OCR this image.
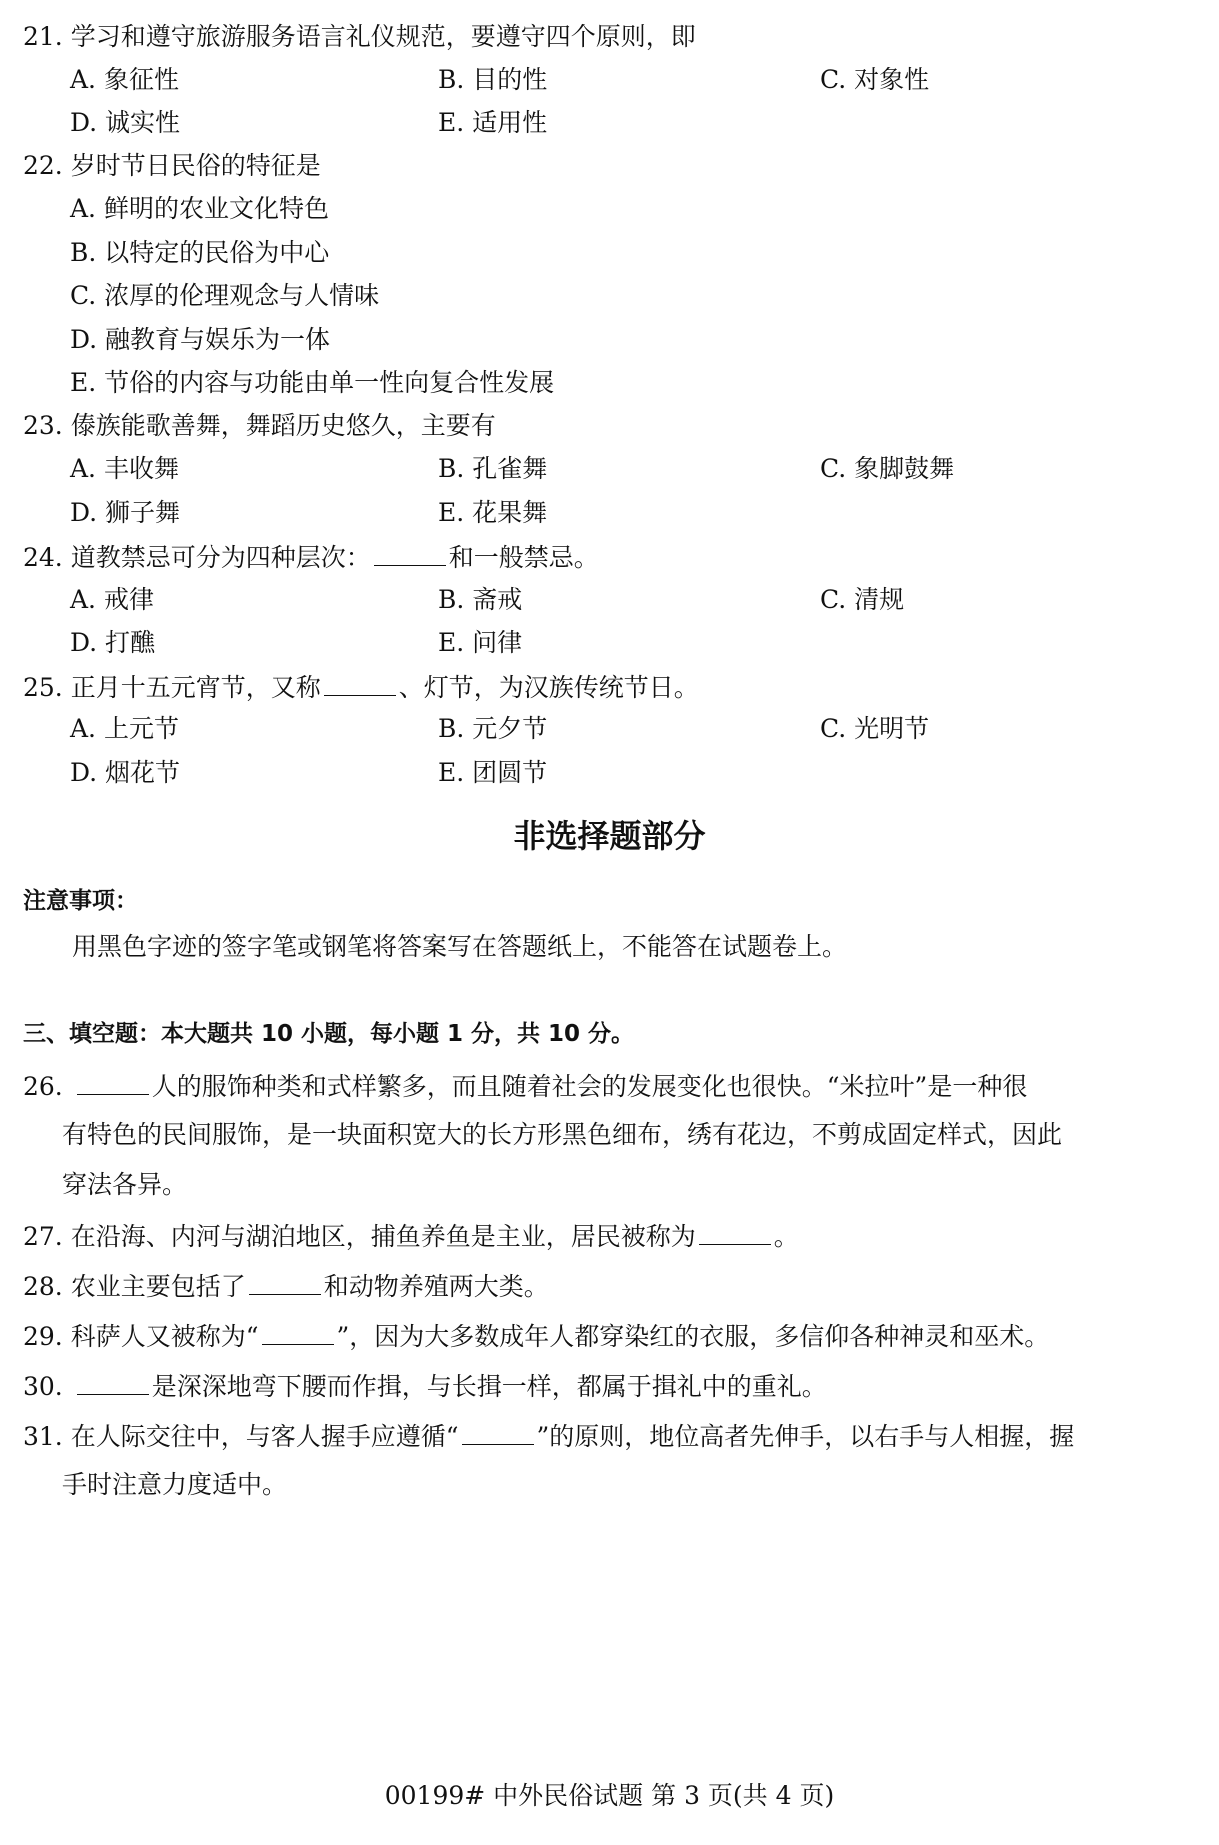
21. 学习和遵守旅游服务语言礼仪规范，要遵守四个原则，即
A. 象征性	B. 目的性	C. 对象性
D. 诚实性	E. 适用性
22. 岁时节日民俗的特征是
A. 鲜明的农业文化特色
B. 以特定的民俗为中心
C. 浓厚的伦理观念与人情味
D. 融教育与娱乐为一体
E. 节俗的内容与功能由单一性向复合性发展
23. 傣族能歌善舞，舞蹈历史悠久，主要有
A. 丰收舞	B. 孔雀舞	C. 象脚鼓舞
D. 狮子舞	E. 花果舞
24. 道教禁忌可分为四种层次：	和一般禁忌。
A. 戒律	B. 斋戒	C. 清规
D. 打醮	E. 问律
25. 正月十五元宵节，又称	、灯节，为汉族传统节日。
A. 上元节	B. 元夕节	C. 光明节
D. 烟花节	E. 团圆节
非选择题部分
注意事项：
用黑色字迹的签字笔或钢笔将答案写在答题纸上，不能答在试题卷上。
三、填空题：本大题共 10 小题，每小题 1 分，共 10 分。
26.	人的服饰种类和式样繁多，而且随着社会的发展变化也很快。“米拉叶”是一种很
有特色的民间服饰，是一块面积宽大的长方形黑色细布，绣有花边，不剪成固定样式，因此
穿法各异。
27. 在沿海、内河与湖泊地区，捕鱼养鱼是主业，居民被称为	。
28. 农业主要包括了	和动物养殖两大类。
29. 科萨人又被称为“	”，因为大多数成年人都穿染红的衣服，多信仰各种神灵和巫术。
30.	是深深地弯下腰而作揖，与长揖一样，都属于揖礼中的重礼。
31. 在人际交往中，与客人握手应遵循“	”的原则，地位高者先伸手，以右手与人相握，握
手时注意力度适中。
00199# 中外民俗试题 第 3 页(共 4 页)
